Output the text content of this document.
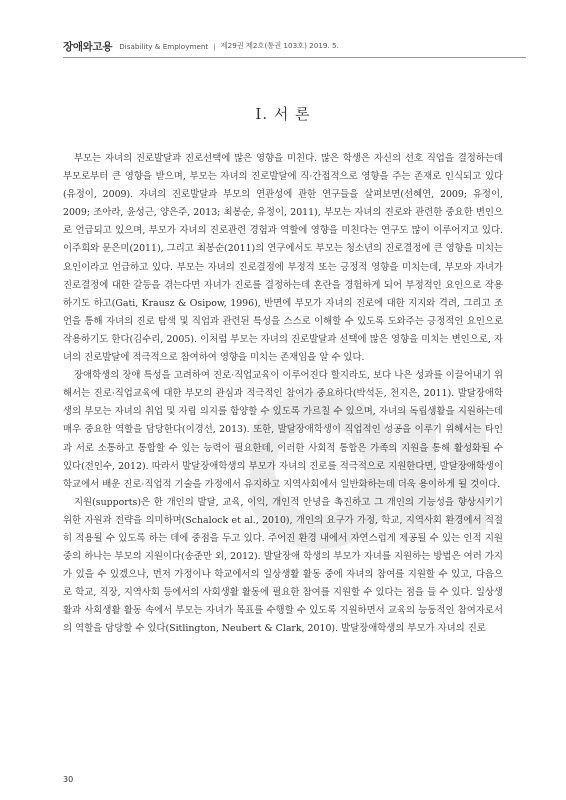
장애와고용 Disability & Employment | 제29권 제2호(통권 103호) 2019. 5.
I. 서 론

부모는 자녀의 진로발달과 진로선택에 많은 영향을 미친다. 많은 학생은 자신의 선호 직업을 결정하는데 부모로부터 큰 영향을 받으며, 부모는 자녀의 진로발달에 직·간접적으로 영향을 주는 존재로 인식되고 있다(유정이, 2009). 자녀의 진로발달과 부모의 연관성에 관한 연구들을 살펴보면(선혜연, 2009; 유정이, 2009; 조아라, 윤성근, 양은주, 2013; 최봉순, 유정이, 2011), 부모는 자녀의 진로와 관련한 중요한 변인으로 언급되고 있으며, 부모가 자녀의 진로관련 경험과 역할에 영향을 미친다는 연구도 많이 이루어지고 있다. 이주희와 문은미(2011), 그리고 최봉순(2011)의 연구에서도 부모는 청소년의 진로결정에 큰 영향을 미치는 요인이라고 언급하고 있다. 부모는 자녀의 진로결정에 부정적 또는 긍정적 영향을 미치는데, 부모와 자녀가 진로결정에 대한 갈등을 겪는다면 자녀가 진로를 결정하는데 혼란을 경험하게 되어 부정적인 요인으로 작용하기도 하고(Gati, Krausz & Osipow, 1996), 반면에 부모가 자녀의 진로에 대한 지지와 격려, 그리고 조언을 통해 자녀의 진로 탐색 및 직업과 관련된 특성을 스스로 이해할 수 있도록 도와주는 긍정적인 요인으로 작용하기도 한다(김수리, 2005). 이처럼 부모는 자녀의 진로발달과 선택에 많은 영향을 미치는 변인으로, 자녀의 진로발달에 적극적으로 참여하여 영향을 미치는 존재임을 알 수 있다.

장애학생의 장애 특성을 고려하여 진로·직업교육이 이루어진다 할지라도, 보다 나은 성과를 이끌어내기 위해서는 진로·직업교육에 대한 부모의 관심과 적극적인 참여가 중요하다(박석돈, 천지은, 2011). 발달장애학생의 부모는 자녀의 취업 및 자립 의지를 함양할 수 있도록 가르칠 수 있으며, 자녀의 독립생활을 지원하는데 매우 중요한 역할을 담당한다(이경선, 2013). 또한, 발달장애학생이 직업적인 성공을 이루기 위해서는 타인과 서로 소통하고 통합할 수 있는 능력이 필요한데, 이러한 사회적 통합은 가족의 지원을 통해 활성화될 수 있다(전인수, 2012). 따라서 발달장애학생의 부모가 자녀의 진로를 적극적으로 지원한다면, 발달장애학생이 학교에서 배운 진로·직업적 기술을 가정에서 유지하고 지역사회에서 일반화하는데 더욱 용이하게 될 것이다.

지원(supports)은 한 개인의 발달, 교육, 이익, 개인적 안녕을 촉진하고 그 개인의 기능성을 향상시키기 위한 자원과 전략을 의미하며(Schalock et al., 2010), 개인의 요구가 가정, 학교, 지역사회 환경에서 적절히 적용될 수 있도록 하는 데에 중점을 두고 있다. 주어진 환경 내에서 자연스럽게 제공될 수 있는 인적 지원 중의 하나는 부모의 지원이다(송준만 외, 2012). 발달장애 학생의 부모가 자녀를 지원하는 방법은 여러 가지가 있을 수 있겠으나, 먼저 가정이나 학교에서의 일상생활 활동 중에 자녀의 참여를 지원할 수 있고, 다음으로 학교, 직장, 지역사회 등에서의 사회생활 활동에 필요한 참여를 지원할 수 있다는 점을 들 수 있다. 일상생활과 사회생활 활동 속에서 부모는 자녀가 목표를 수행할 수 있도록 지원하면서 교육의 능동적인 참여자로서의 역할을 담당할 수 있다(Sitlington, Neubert & Clark, 2010). 발달장애학생의 부모가 자녀의 진로

30
